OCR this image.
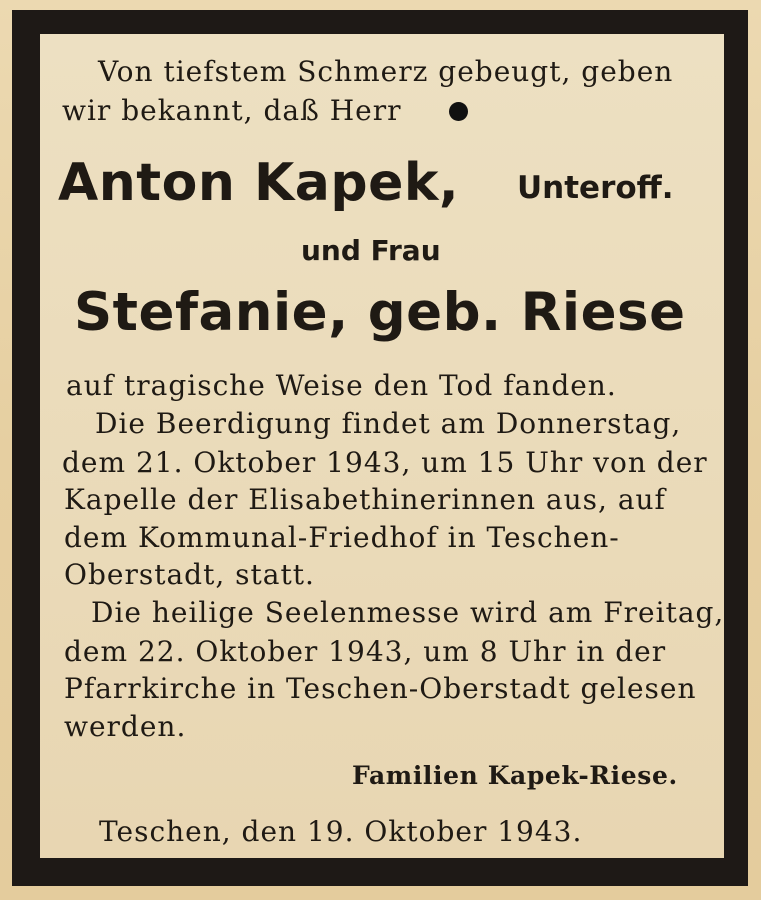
Von tiefstem Schmerz gebeugt, geben
wir bekannt, daß Herr
Anton Kapek, Unteroff.
und Frau
Stefanie, geb. Riese
auf tragische Weise den Tod fanden.
Die Beerdigung findet am Donnerstag,
dem 21. Oktober 1943, um 15 Uhr von der
Kapelle der Elisabethinerinnen aus, auf
dem Kommunal-Friedhof in Teschen-
Oberstadt, statt.
Die heilige Seelenmesse wird am Freitag,
dem 22. Oktober 1943, um 8 Uhr in der
Pfarrkirche in Teschen-Oberstadt gelesen
werden.
Familien Kapek-Riese.
Teschen, den 19. Oktober 1943.
